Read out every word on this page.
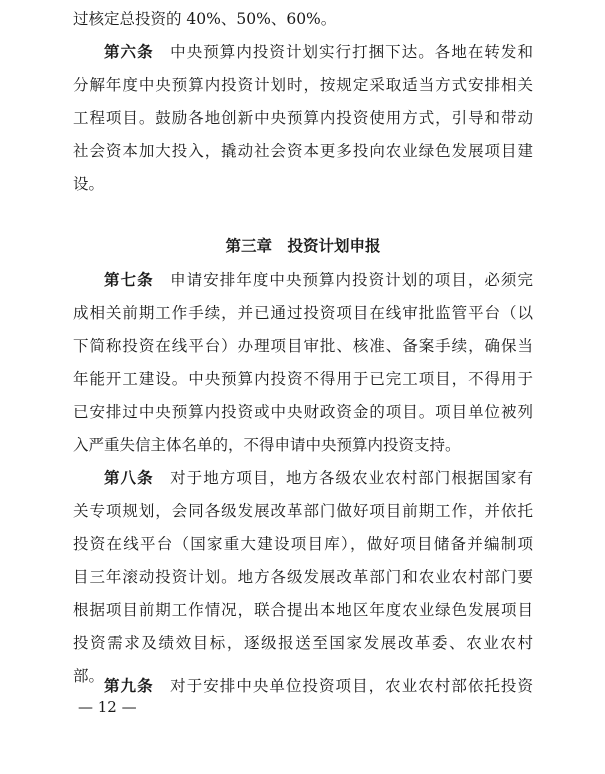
过核定总投资的 40%、50%、60%。
第六条　 中央预算内投资计划实行打捆下达。各地在转发和
分解年度中央预算内投资计划时，按规定采取适当方式安排相关
工程项目。鼓励各地创新中央预算内投资使用方式，引导和带动
社会资本加大投入，撬动社会资本更多投向农业绿色发展项目建
设。
第三章　投资计划申报
第七条　 申请安排年度中央预算内投资计划的项目，必须完
成相关前期工作手续，并已通过投资项目在线审批监管平台（以
下简称投资在线平台）办理项目审批、核准、备案手续，确保当
年能开工建设。中央预算内投资不得用于已完工项目，不得用于
已安排过中央预算内投资或中央财政资金的项目。项目单位被列
入严重失信主体名单的，不得申请中央预算内投资支持。
第八条　 对于地方项目，地方各级农业农村部门根据国家有
关专项规划，会同各级发展改革部门做好项目前期工作，并依托
投资在线平台（国家重大建设项目库），做好项目储备并编制项
目三年滚动投资计划。地方各级发展改革部门和农业农村部门要
根据项目前期工作情况，联合提出本地区年度农业绿色发展项目
投资需求及绩效目标，逐级报送至国家发展改革委、农业农村
部。 第九条　 对于安排中央单位投资项目，农业农村部依托投资
— 12 —
